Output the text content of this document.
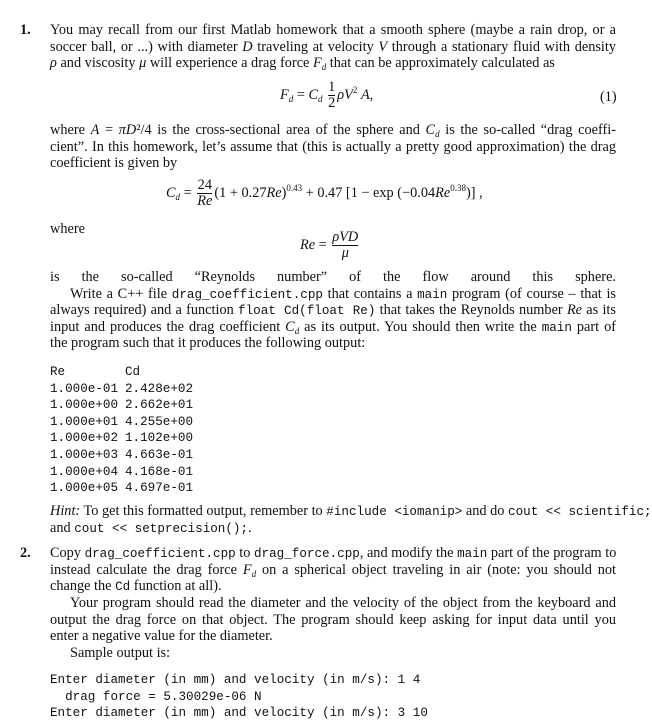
1. You may recall from our first Matlab homework that a smooth sphere (maybe a rain drop, or a
soccer ball, or ...) with diameter D traveling at velocity V through a stationary fluid with density
ρ and viscosity μ will experience a drag force $F_d$ that can be approximately calculated as
$F_d = C_d \frac{1}{2} \rho V^2$ A,	(1)
where A = πD²/4 is the cross-sectional area of the sphere and $C_d$ is the so-called “drag coeffi-
cient”. In this homework, let’s assume that (this is actually a pretty good approximation) the drag
coefficient is given by
$C_d = \frac{24}{Re} (1 + 0.27Re)^{0.43} + 0.47$ $[1 - \exp (-0.04Re^{0.38})]$ ,
where
$Re = \frac{\text{ρVD}}{\mu}$
is the so-called “Reynolds number” of the flow around this sphere.
Write a C++ file drag_coefficient.cpp that contains a main program (of course – that is
always required) and a function float Cd(float Re) that takes the Reynolds number Re as its
input and produces the drag coefficient $C_d$ as its output. You should then write the main part of
the program such that it produces the following output:
Re	Cd
1.000e-01 2.428e+02
1.000e+00 2.662e+01
1.000e+01 4.255e+00
1.000e+02 1.102e+00
1.000e+03 4.663e-01
1.000e+04 4.168e-01
1.000e+05 4.697e-01
Hint: To get this formatted output, remember to #include <iomanip> and do cout << scientific;
and cout << setprecision();.
2. Copy drag_coefficient.cpp to drag_force.cpp, and modify the main part of the program to
instead calculate the drag force $F_d$ on a spherical object traveling in air (note: you should not
change the Cd function at all).
Your program should read the diameter and the velocity of the object from the keyboard and
output the drag force on that object. The program should keep asking for input data until you
enter a negative value for the diameter.
Sample output is:
Enter diameter (in mm) and velocity (in m/s): 1 4
drag force = 5.30029e-06 N
Enter diameter (in mm) and velocity (in m/s): 3 10
